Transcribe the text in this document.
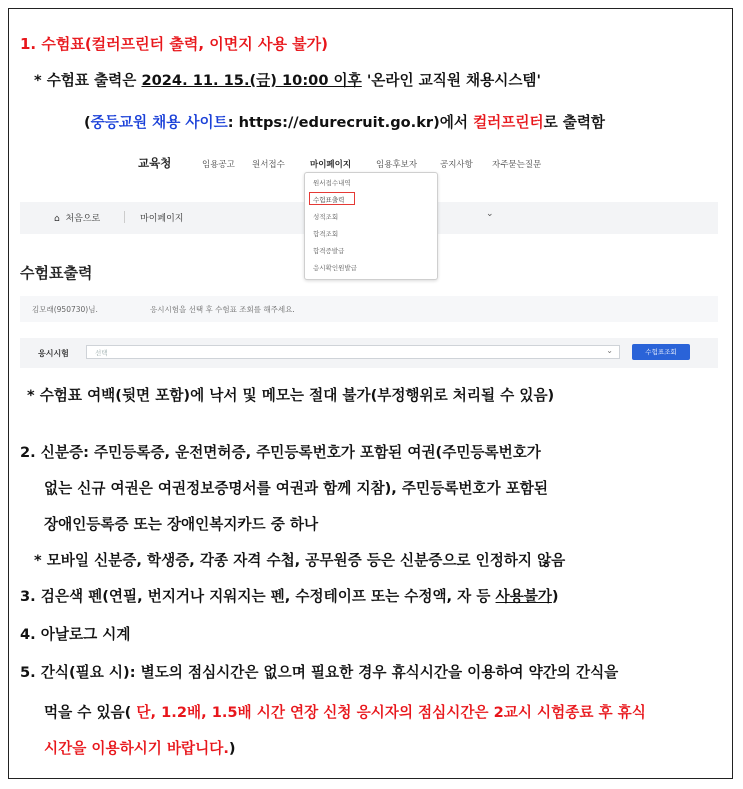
1. 수험표(컬러프린터 출력, 이면지 사용 불가)
* 수험표 출력은 2024. 11. 15.(금) 10:00 이후 '온라인 교직원 채용시스템'
(중등교원 채용 사이트: https://edurecruit.go.kr)에서 컬러프린터로 출력함
교육청	임용공고 원서접수	마이페이지	임용후보자	공지사항 자주묻는질문
⌂ 처음으로	마이페이지	⌄
수험표출력
김모래(950730)님.	응시시험을 선택 후 수험표 조회를 해주세요.
응시시험	선택	⌄	수험표조회
원서접수내역
수험표출력
성적조회
합격조회
합격증발급
응시확인원발급
* 수험표 여백(뒷면 포함)에 낙서 및 메모는 절대 불가(부정행위로 처리될 수 있음)
2. 신분증: 주민등록증, 운전면허증, 주민등록번호가 포함된 여권(주민등록번호가
없는 신규 여권은 여권정보증명서를 여권과 함께 지참), 주민등록번호가 포함된
장애인등록증 또는 장애인복지카드 중 하나
* 모바일 신분증, 학생증, 각종 자격 수첩, 공무원증 등은 신분증으로 인정하지 않음
3. 검은색 펜(연필, 번지거나 지워지는 펜, 수정테이프 또는 수정액, 자 등 사용불가)
4. 아날로그 시계
5. 간식(필요 시): 별도의 점심시간은 없으며 필요한 경우 휴식시간을 이용하여 약간의 간식을
먹을 수 있음( 단, 1.2배, 1.5배 시간 연장 신청 응시자의 점심시간은 2교시 시험종료 후 휴식
시간을 이용하시기 바랍니다.)
